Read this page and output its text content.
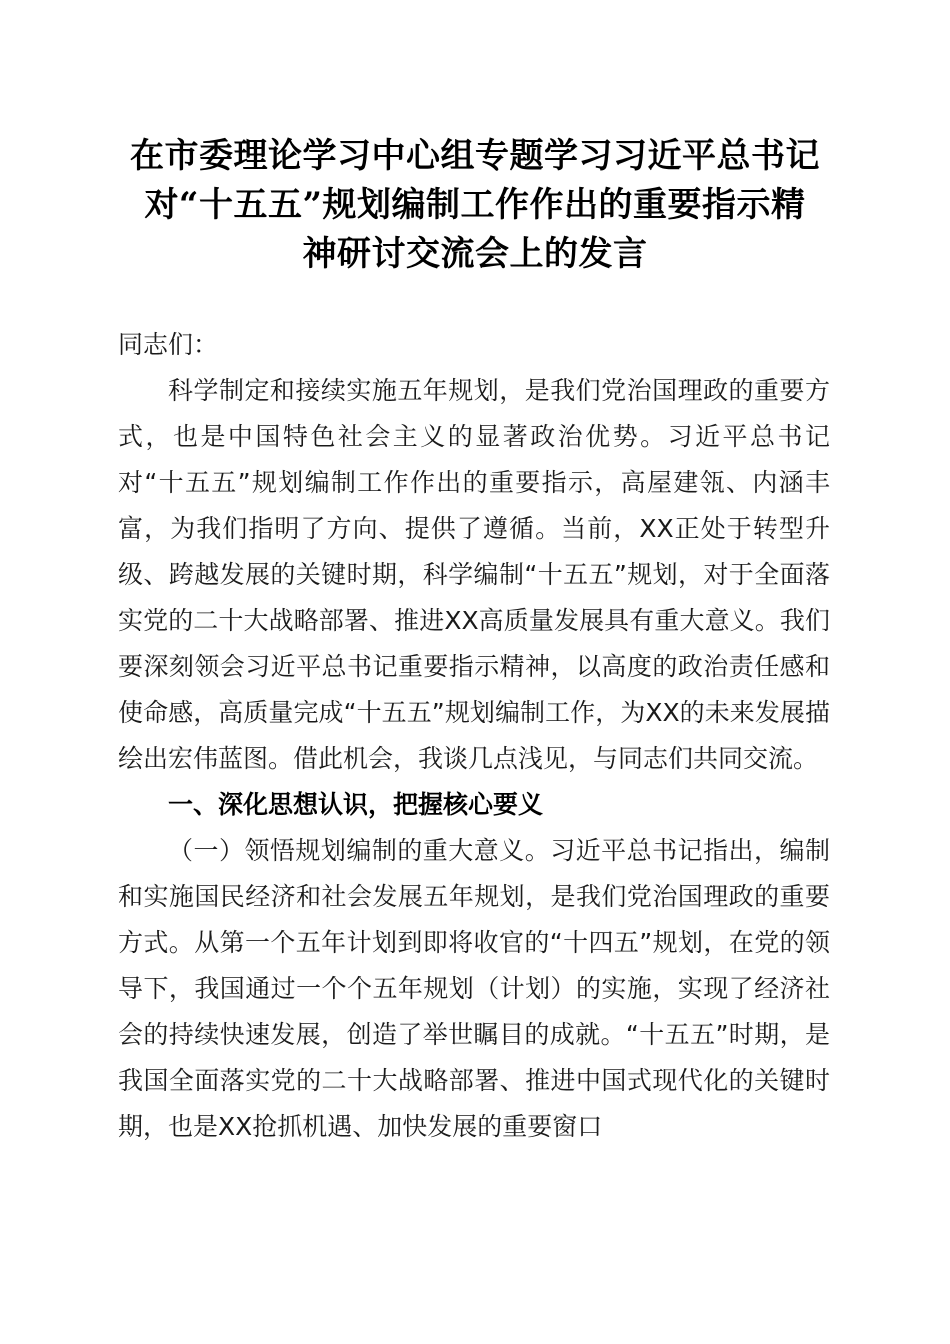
在市委理论学习中心组专题学习习近平总书记
对“十五五”规划编制工作作出的重要指示精
神研讨交流会上的发言

同志们：

科学制定和接续实施五年规划，是我们党治国理政的重要方式，也是中国特色社会主义的显著政治优势。习近平总书记对“十五五”规划编制工作作出的重要指示，高屋建瓴、内涵丰富，为我们指明了方向、提供了遵循。当前，XX正处于转型升级、跨越发展的关键时期，科学编制“十五五”规划，对于全面落实党的二十大战略部署、推进XX高质量发展具有重大意义。我们要深刻领会习近平总书记重要指示精神，以高度的政治责任感和使命感，高质量完成“十五五”规划编制工作，为XX的未来发展描绘出宏伟蓝图。借此机会，我谈几点浅见，与同志们共同交流。

一、深化思想认识，把握核心要义

（一）领悟规划编制的重大意义。习近平总书记指出，编制和实施国民经济和社会发展五年规划，是我们党治国理政的重要方式。从第一个五年计划到即将收官的“十四五”规划，在党的领导下，我国通过一个个五年规划（计划）的实施，实现了经济社会的持续快速发展，创造了举世瞩目的成就。“十五五”时期，是我国全面落实党的二十大战略部署、推进中国式现代化的关键时期，也是XX抢抓机遇、加快发展的重要窗口
